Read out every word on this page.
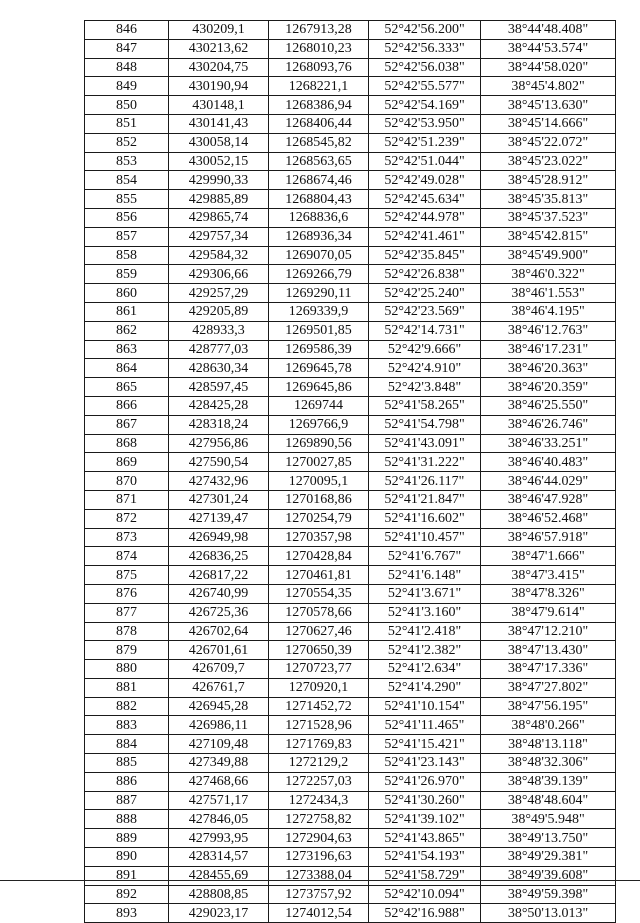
846	430209,1	1267913,28	52°42'56.200"	38°44'48.408"
847	430213,62	1268010,23	52°42'56.333"	38°44'53.574"
848	430204,75	1268093,76	52°42'56.038"	38°44'58.020"
849	430190,94	1268221,1	52°42'55.577"	38°45'4.802"
850	430148,1	1268386,94	52°42'54.169"	38°45'13.630"
851	430141,43	1268406,44	52°42'53.950"	38°45'14.666"
852	430058,14	1268545,82	52°42'51.239"	38°45'22.072"
853	430052,15	1268563,65	52°42'51.044"	38°45'23.022"
854	429990,33	1268674,46	52°42'49.028"	38°45'28.912"
855	429885,89	1268804,43	52°42'45.634"	38°45'35.813"
856	429865,74	1268836,6	52°42'44.978"	38°45'37.523"
857	429757,34	1268936,34	52°42'41.461"	38°45'42.815"
858	429584,32	1269070,05	52°42'35.845"	38°45'49.900"
859	429306,66	1269266,79	52°42'26.838"	38°46'0.322"
860	429257,29	1269290,11	52°42'25.240"	38°46'1.553"
861	429205,89	1269339,9	52°42'23.569"	38°46'4.195"
862	428933,3	1269501,85	52°42'14.731"	38°46'12.763"
863	428777,03	1269586,39	52°42'9.666"	38°46'17.231"
864	428630,34	1269645,78	52°42'4.910"	38°46'20.363"
865	428597,45	1269645,86	52°42'3.848"	38°46'20.359"
866	428425,28	1269744	52°41'58.265"	38°46'25.550"
867	428318,24	1269766,9	52°41'54.798"	38°46'26.746"
868	427956,86	1269890,56	52°41'43.091"	38°46'33.251"
869	427590,54	1270027,85	52°41'31.222"	38°46'40.483"
870	427432,96	1270095,1	52°41'26.117"	38°46'44.029"
871	427301,24	1270168,86	52°41'21.847"	38°46'47.928"
872	427139,47	1270254,79	52°41'16.602"	38°46'52.468"
873	426949,98	1270357,98	52°41'10.457"	38°46'57.918"
874	426836,25	1270428,84	52°41'6.767"	38°47'1.666"
875	426817,22	1270461,81	52°41'6.148"	38°47'3.415"
876	426740,99	1270554,35	52°41'3.671"	38°47'8.326"
877	426725,36	1270578,66	52°41'3.160"	38°47'9.614"
878	426702,64	1270627,46	52°41'2.418"	38°47'12.210"
879	426701,61	1270650,39	52°41'2.382"	38°47'13.430"
880	426709,7	1270723,77	52°41'2.634"	38°47'17.336"
881	426761,7	1270920,1	52°41'4.290"	38°47'27.802"
882	426945,28	1271452,72	52°41'10.154"	38°47'56.195"
883	426986,11	1271528,96	52°41'11.465"	38°48'0.266"
884	427109,48	1271769,83	52°41'15.421"	38°48'13.118"
885	427349,88	1272129,2	52°41'23.143"	38°48'32.306"
886	427468,66	1272257,03	52°41'26.970"	38°48'39.139"
887	427571,17	1272434,3	52°41'30.260"	38°48'48.604"
888	427846,05	1272758,82	52°41'39.102"	38°49'5.948"
889	427993,95	1272904,63	52°41'43.865"	38°49'13.750"
890	428314,57	1273196,63	52°41'54.193"	38°49'29.381"
891	428455,69	1273388,04	52°41'58.729"	38°49'39.608"
892	428808,85	1273757,92	52°42'10.094"	38°49'59.398"
893	429023,17	1274012,54	52°42'16.988"	38°50'13.013"
